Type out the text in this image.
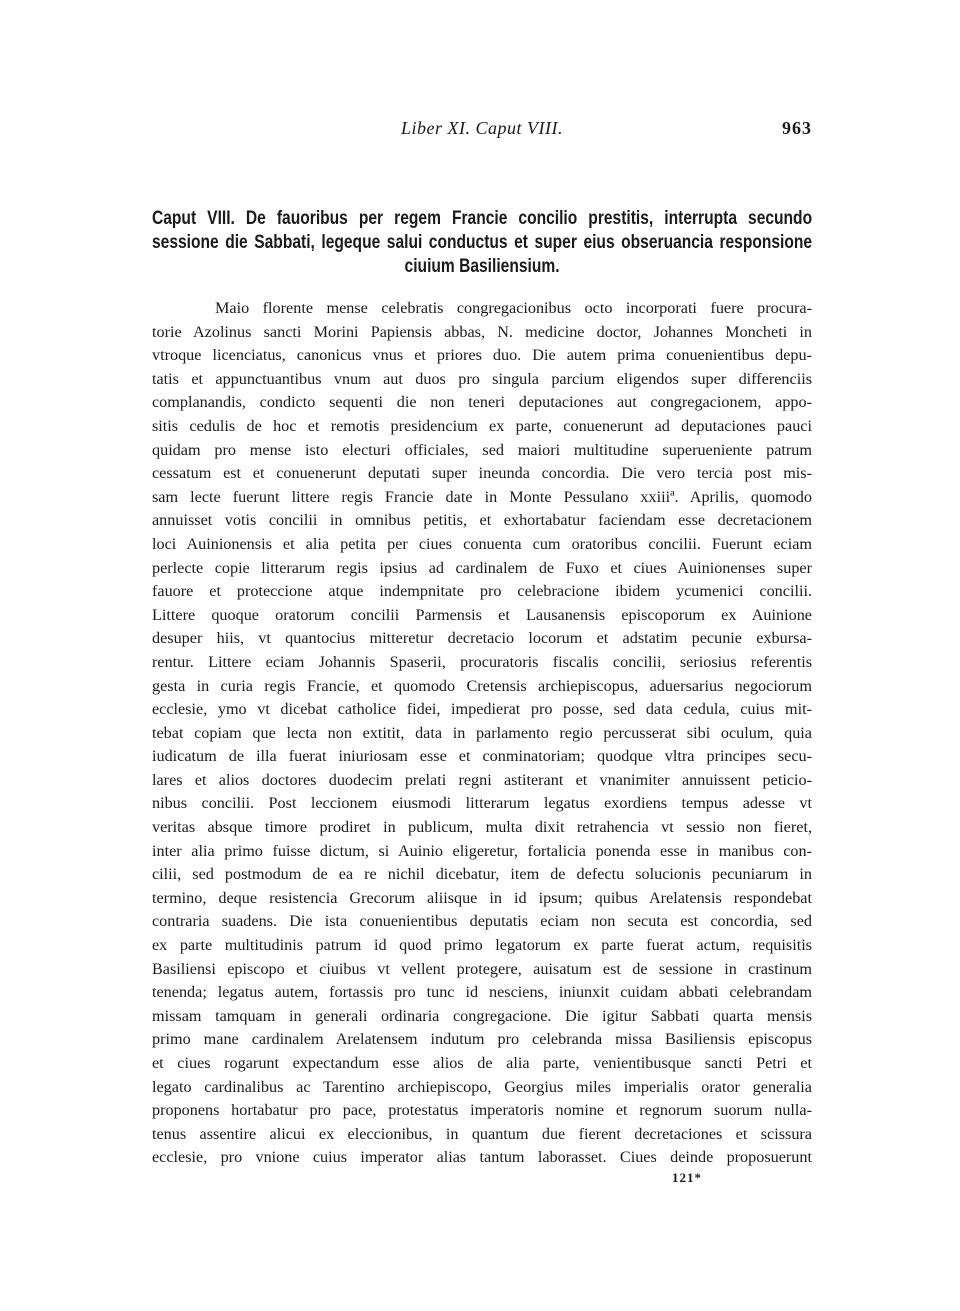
Liber XI. Caput VIII.	963
Caput VIII. De fauoribus per regem Francie concilio prestitis, interrupta secundo
sessione die Sabbati, legeque salui conductus et super eius obseruancia responsione
ciuium Basiliensium.
Maio florente mense celebratis congregacionibus octo incorporati fuere procura-
torie Azolinus sancti Morini Papiensis abbas, N. medicine doctor, Johannes Moncheti in
vtroque licenciatus, canonicus vnus et priores duo. Die autem prima conuenientibus depu-
tatis et appunctuantibus vnum aut duos pro singula parcium eligendos super differenciis
complanandis, condicto sequenti die non teneri deputaciones aut congregacionem, appo-
sitis cedulis de hoc et remotis presidencium ex parte, conuenerunt ad deputaciones pauci
quidam pro mense isto electuri officiales, sed maiori multitudine superueniente patrum
cessatum est et conuenerunt deputati super ineunda concordia. Die vero tercia post mis-
sam lecte fuerunt littere regis Francie date in Monte Pessulano xxiiiª. Aprilis, quomodo
annuisset votis concilii in omnibus petitis, et exhortabatur faciendam esse decretacionem
loci Auinionensis et alia petita per ciues conuenta cum oratoribus concilii. Fuerunt eciam
perlecte copie litterarum regis ipsius ad cardinalem de Fuxo et ciues Auinionenses super
fauore et proteccione atque indempnitate pro celebracione ibidem ycumenici concilii.
Littere quoque oratorum concilii Parmensis et Lausanensis episcoporum ex Auinione
desuper hiis, vt quantocius mitteretur decretacio locorum et adstatim pecunie exbursa-
rentur. Littere eciam Johannis Spaserii, procuratoris fiscalis concilii, seriosius referentis
gesta in curia regis Francie, et quomodo Cretensis archiepiscopus, aduersarius negociorum
ecclesie, ymo vt dicebat catholice fidei, impedierat pro posse, sed data cedula, cuius mit-
tebat copiam que lecta non extitit, data in parlamento regio percusserat sibi oculum, quia
iudicatum de illa fuerat iniuriosam esse et conminatoriam; quodque vltra principes secu-
lares et alios doctores duodecim prelati regni astiterant et vnanimiter annuissent peticio-
nibus concilii. Post leccionem eiusmodi litterarum legatus exordiens tempus adesse vt
veritas absque timore prodiret in publicum, multa dixit retrahencia vt sessio non fieret,
inter alia primo fuisse dictum, si Auinio eligeretur, fortalicia ponenda esse in manibus con-
cilii, sed postmodum de ea re nichil dicebatur, item de defectu solucionis pecuniarum in
termino, deque resistencia Grecorum aliisque in id ipsum; quibus Arelatensis respondebat
contraria suadens. Die ista conuenientibus deputatis eciam non secuta est concordia, sed
ex parte multitudinis patrum id quod primo legatorum ex parte fuerat actum, requisitis
Basiliensi episcopo et ciuibus vt vellent protegere, auisatum est de sessione in crastinum
tenenda; legatus autem, fortassis pro tunc id nesciens, iniunxit cuidam abbati celebrandam
missam tamquam in generali ordinaria congregacione. Die igitur Sabbati quarta mensis
primo mane cardinalem Arelatensem indutum pro celebranda missa Basiliensis episcopus
et ciues rogarunt expectandum esse alios de alia parte, venientibusque sancti Petri et
legato cardinalibus ac Tarentino archiepiscopo, Georgius miles imperialis orator generalia
proponens hortabatur pro pace, protestatus imperatoris nomine et regnorum suorum nulla-
tenus assentire alicui ex eleccionibus, in quantum due fierent decretaciones et scissura
ecclesie, pro vnione cuius imperator alias tantum laborasset. Ciues deinde proposuerunt
121*
